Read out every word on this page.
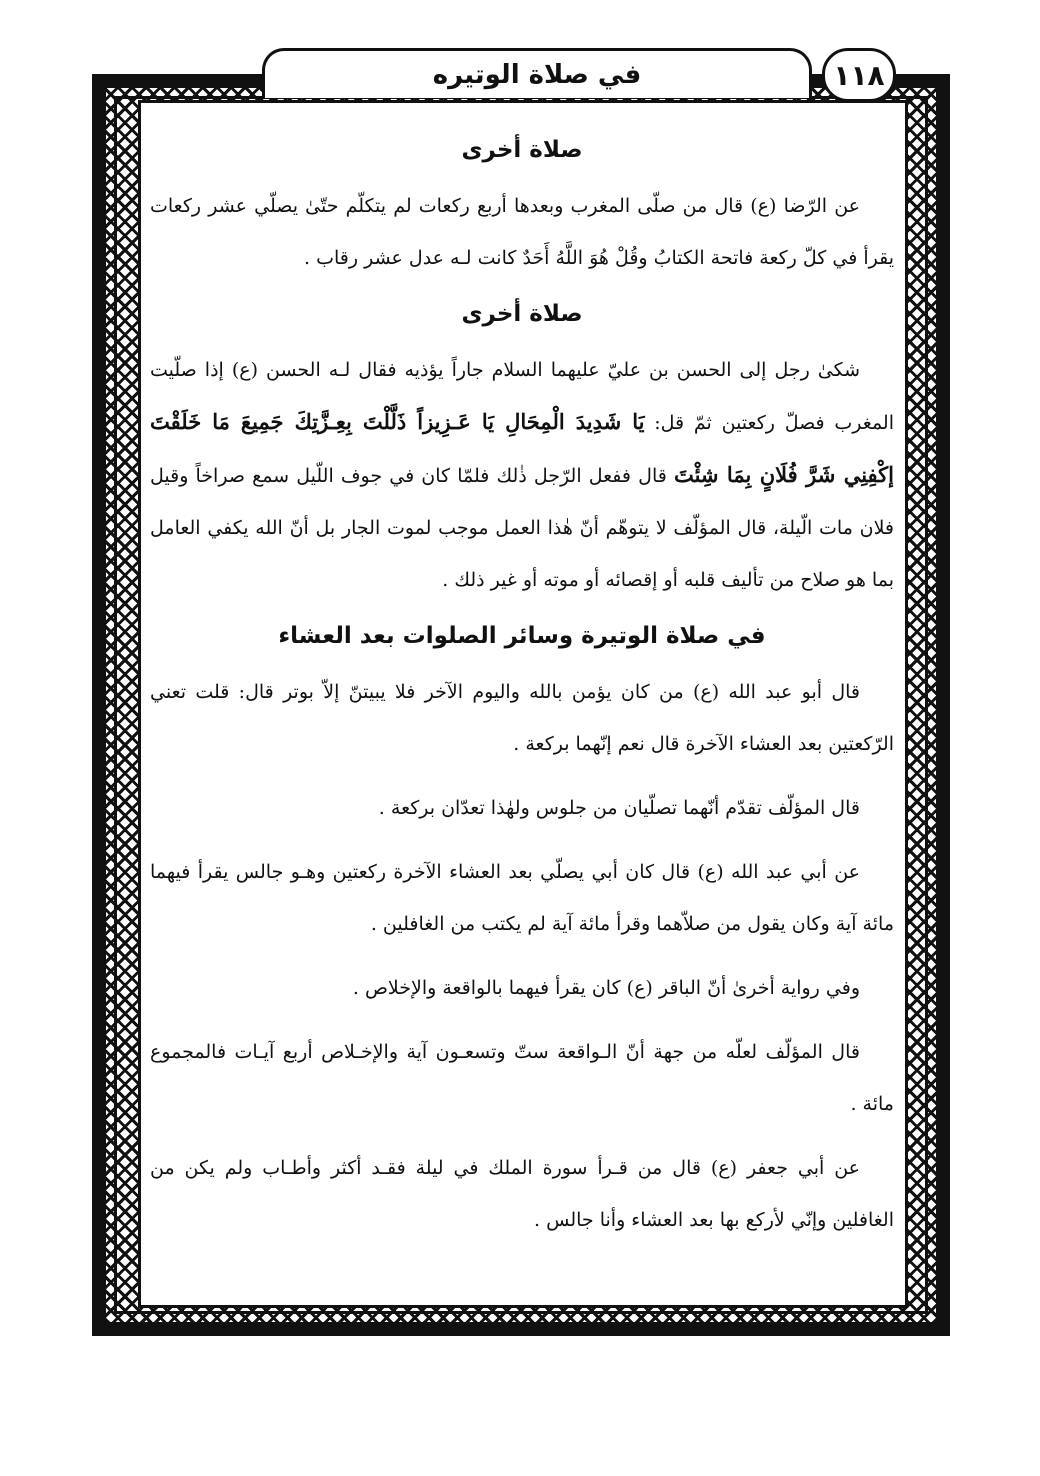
في صلاة الوتيره	١١٨
صلاة أخرى

عن الرّضا (ع) قال من صلّى المغرب وبعدها أربع ركعات لم يتكلّم حتّىٰ يصلّي عشر ركعات يقرأ في كلّ ركعة فاتحة الكتابُ وقُلْ هُوَ اللَّهُ أَحَدٌ كانت لـه عدل عشر رقاب .

صلاة أخرى

شكىٰ رجل إلى الحسن بن عليّ عليهما السلام جاراً يؤذيه فقال لـه الحسن (ع) إذا صلّيت المغرب فصلّ ركعتين ثمّ قل: يَا شَدِيدَ الْمِحَالِ يَا عَـزِيزاً ذَلَّلْتَ بِعِـزَّتِكَ جَمِيعَ مَا خَلَقْتَ إكْفِنِي شَرَّ فُلَانٍ بِمَا شِئْتَ قال ففعل الرّجل ذٰلك فلمّا كان في جوف اللّيل سمع صراخاً وقيل فلان مات الّيلة، قال المؤلّف لا يتوهّم أنّ هٰذا العمل موجب لموت الجار بل أنّ الله يكفي العامل بما هو صلاح من تأليف قلبه أو إقصائه أو موته أو غير ذلك .

في صلاة الوتيرة وسائر الصلوات بعد العشاء

قال أبو عبد الله (ع) من كان يؤمن بالله واليوم الآخر فلا يبيتنّ إلاّ بوتر قال: قلت تعني الرّكعتين بعد العشاء الآخرة قال نعم إنّهما بركعة .

قال المؤلّف تقدّم أنّهما تصلّيان من جلوس ولهٰذا تعدّان بركعة .

عن أبي عبد الله (ع) قال كان أبي يصلّي بعد العشاء الآخرة ركعتين وهـو جالس يقرأ فيهما مائة آية وكان يقول من صلاّهما وقرأ مائة آية لم يكتب من الغافلين .

وفي رواية أخرىٰ أنّ الباقر (ع) كان يقرأ فيهما بالواقعة والإخلاص .

قال المؤلّف لعلّه من جهة أنّ الـواقعة ستّ وتسعـون آية والإخـلاص أربع آيـات فالمجموع مائة .

عن أبي جعفر (ع) قال من قـرأ سورة الملك في ليلة فقـد أكثر وأطـاب ولم يكن من الغافلين وإنّي لأركع بها بعد العشاء وأنا جالس .
